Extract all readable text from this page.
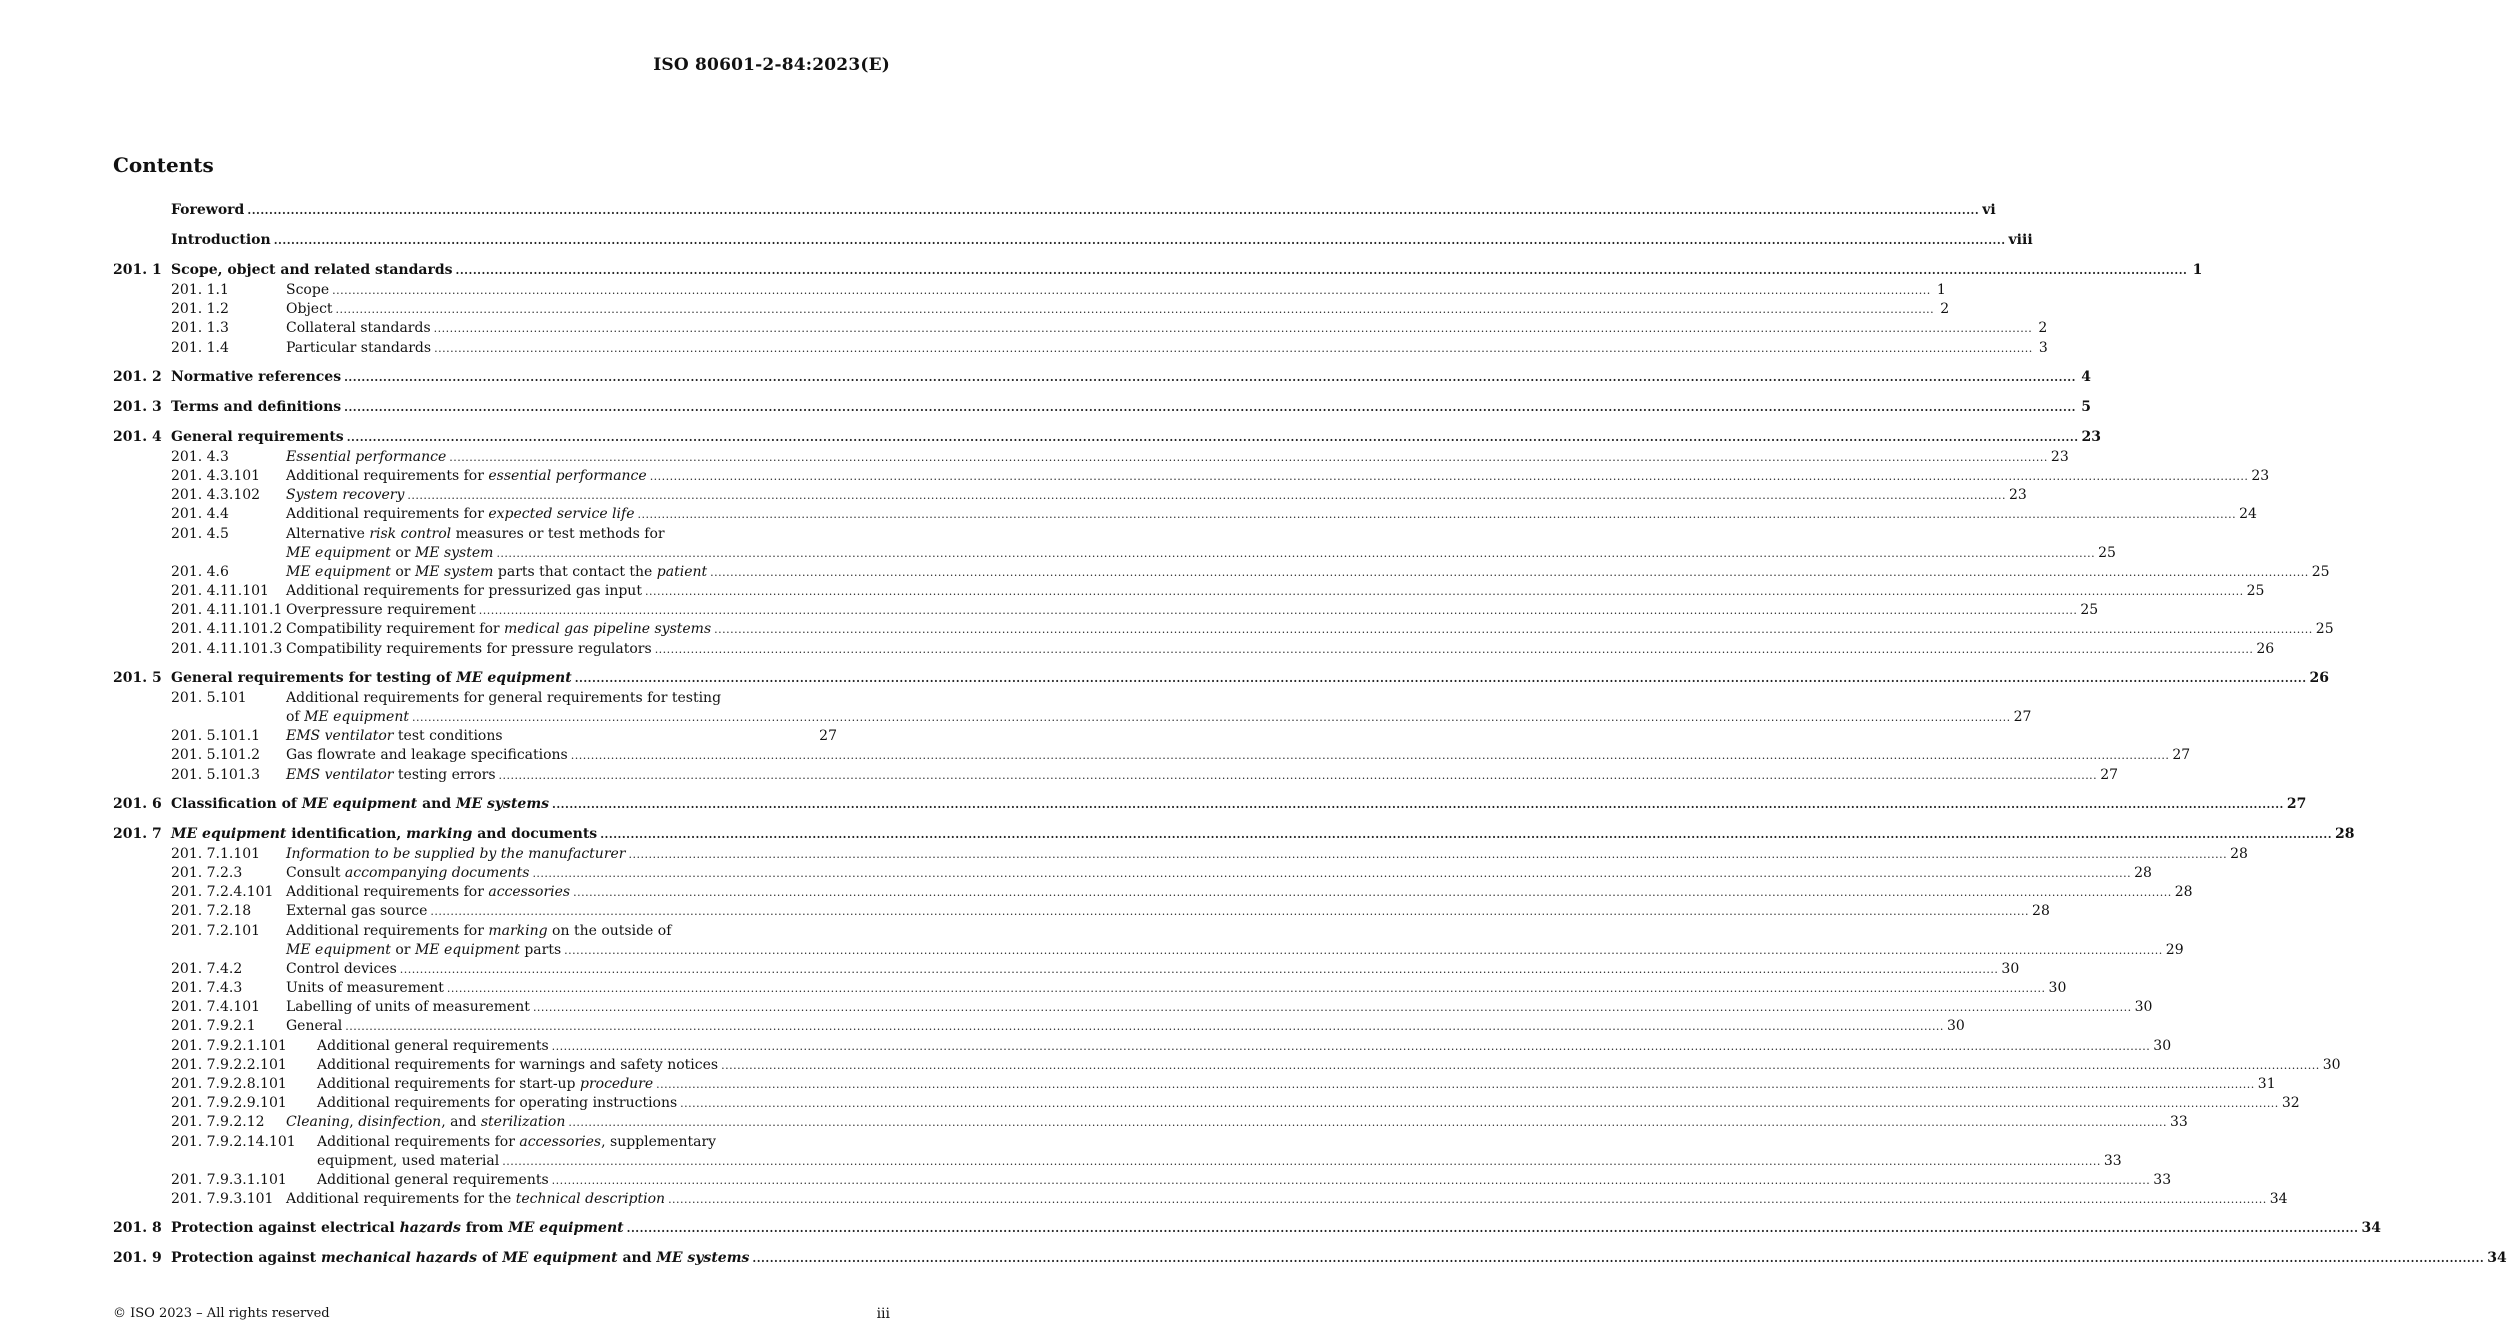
ISO 80601-2-84:2023(E)
Contents
Foreword ................................................................................................................................................................................................................................................................................................................................................................................................................ vi
Introduction ................................................................................................................................................................................................................................................................................................................................................................................................................ viii
201. 1 Scope, object and related standards ................................................................................................................................................................................................................................................................................................................................................................................................................ 1
201. 1.1	Scope ................................................................................................................................................................................................................................................................................................................................................................................................................ 1
201. 1.2	Object ................................................................................................................................................................................................................................................................................................................................................................................................................ 2
201. 1.3	Collateral standards ................................................................................................................................................................................................................................................................................................................................................................................................................ 2
201. 1.4	Particular standards ................................................................................................................................................................................................................................................................................................................................................................................................................ 3
201. 2 Normative references ................................................................................................................................................................................................................................................................................................................................................................................................................ 4
201. 3 Terms and definitions ................................................................................................................................................................................................................................................................................................................................................................................................................ 5
201. 4 General requirements ................................................................................................................................................................................................................................................................................................................................................................................................................ 23
201. 4.3	Essential performance ................................................................................................................................................................................................................................................................................................................................................................................................................ 23
201. 4.3.101	Additional requirements for essential performance ................................................................................................................................................................................................................................................................................................................................................................................................................ 23
201. 4.3.102	System recovery ................................................................................................................................................................................................................................................................................................................................................................................................................ 23
201. 4.4	Additional requirements for expected service life ................................................................................................................................................................................................................................................................................................................................................................................................................ 24
201. 4.5	Alternative risk control measures or test methods for
ME equipment or ME system ................................................................................................................................................................................................................................................................................................................................................................................................................ 25
201. 4.6	ME equipment or ME system parts that contact the patient ................................................................................................................................................................................................................................................................................................................................................................................................................ 25
201. 4.11.101	Additional requirements for pressurized gas input ................................................................................................................................................................................................................................................................................................................................................................................................................ 25
201. 4.11.101.1 Overpressure requirement ................................................................................................................................................................................................................................................................................................................................................................................................................ 25
201. 4.11.101.2 Compatibility requirement for medical gas pipeline systems ................................................................................................................................................................................................................................................................................................................................................................................................................ 25
201. 4.11.101.3 Compatibility requirements for pressure regulators ................................................................................................................................................................................................................................................................................................................................................................................................................ 26
201. 5 General requirements for testing of ME equipment ................................................................................................................................................................................................................................................................................................................................................................................................................ 26
201. 5.101	Additional requirements for general requirements for testing
of ME equipment ................................................................................................................................................................................................................................................................................................................................................................................................................ 27
201. 5.101.1	EMS ventilator test conditions	27
201. 5.101.2	Gas flowrate and leakage specifications ................................................................................................................................................................................................................................................................................................................................................................................................................ 27
201. 5.101.3	EMS ventilator testing errors ................................................................................................................................................................................................................................................................................................................................................................................................................ 27
201. 6 Classification of ME equipment and ME systems ................................................................................................................................................................................................................................................................................................................................................................................................................ 27
201. 7 ME equipment identification, marking and documents ................................................................................................................................................................................................................................................................................................................................................................................................................ 28
201. 7.1.101	Information to be supplied by the manufacturer ................................................................................................................................................................................................................................................................................................................................................................................................................ 28
201. 7.2.3	Consult accompanying documents ................................................................................................................................................................................................................................................................................................................................................................................................................ 28
201. 7.2.4.101 Additional requirements for accessories ................................................................................................................................................................................................................................................................................................................................................................................................................ 28
201. 7.2.18	External gas source ................................................................................................................................................................................................................................................................................................................................................................................................................ 28
201. 7.2.101	Additional requirements for marking on the outside of
ME equipment or ME equipment parts ................................................................................................................................................................................................................................................................................................................................................................................................................ 29
201. 7.4.2	Control devices ................................................................................................................................................................................................................................................................................................................................................................................................................ 30
201. 7.4.3	Units of measurement ................................................................................................................................................................................................................................................................................................................................................................................................................ 30
201. 7.4.101	Labelling of units of measurement ................................................................................................................................................................................................................................................................................................................................................................................................................ 30
201. 7.9.2.1	General ................................................................................................................................................................................................................................................................................................................................................................................................................ 30
201. 7.9.2.1.101	Additional general requirements ................................................................................................................................................................................................................................................................................................................................................................................................................ 30
201. 7.9.2.2.101	Additional requirements for warnings and safety notices ................................................................................................................................................................................................................................................................................................................................................................................................................ 30
201. 7.9.2.8.101	Additional requirements for start-up procedure ................................................................................................................................................................................................................................................................................................................................................................................................................ 31
201. 7.9.2.9.101	Additional requirements for operating instructions ................................................................................................................................................................................................................................................................................................................................................................................................................ 32
201. 7.9.2.12	Cleaning, disinfection, and sterilization ................................................................................................................................................................................................................................................................................................................................................................................................................ 33
201. 7.9.2.14.101	Additional requirements for accessories, supplementary
equipment, used material ................................................................................................................................................................................................................................................................................................................................................................................................................ 33
201. 7.9.3.1.101	Additional general requirements ................................................................................................................................................................................................................................................................................................................................................................................................................ 33
201. 7.9.3.101 Additional requirements for the technical description ................................................................................................................................................................................................................................................................................................................................................................................................................ 34
201. 8 Protection against electrical hazards from ME equipment ................................................................................................................................................................................................................................................................................................................................................................................................................ 34
201. 9 Protection against mechanical hazards of ME equipment and ME systems ................................................................................................................................................................................................................................................................................................................................................................................................................ 34
© ISO 2023 – All rights reserved	iii
